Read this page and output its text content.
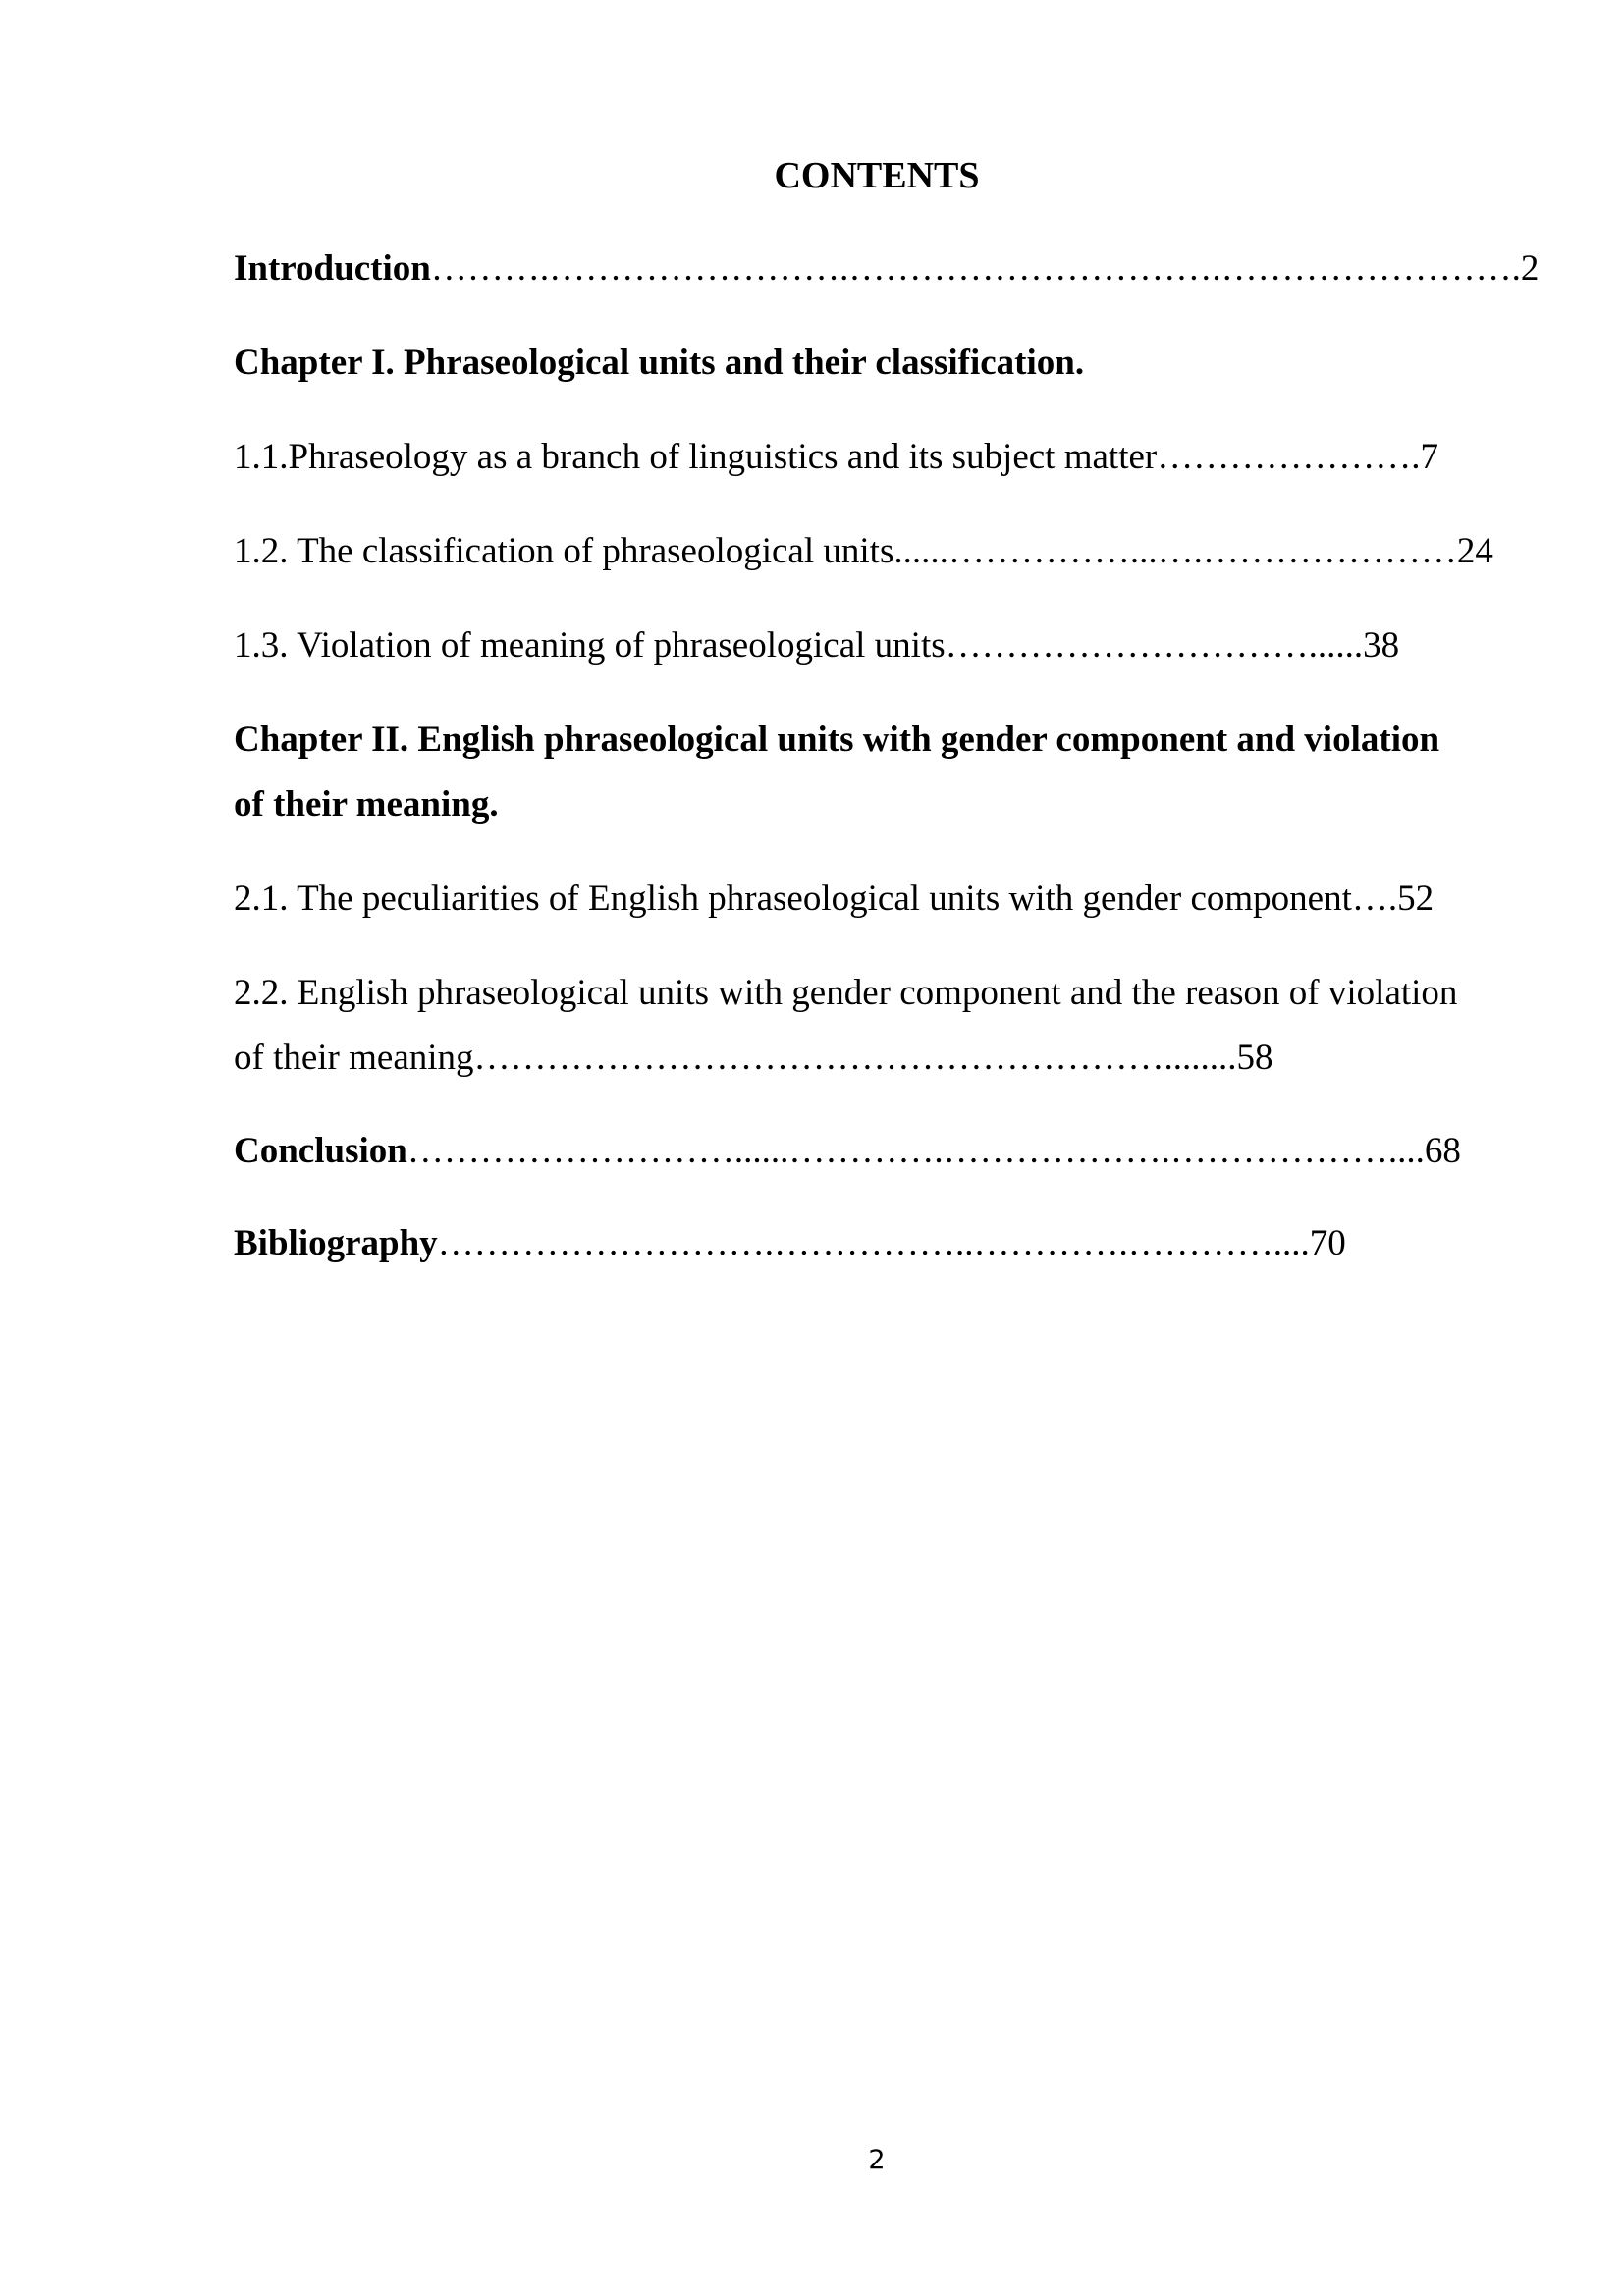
CONTENTS
Introduction……….…………………….………………………….…………………….2
Chapter I. Phraseological units and their classification.
1.1.Phraseology as a branch of linguistics and its subject matter………………….7
1.2. The classification of phraseological units......……………...….…………………24
1.3. Violation of meaning of phraseological units…………………………......38
Chapter II. English phraseological units with gender component and violation
of their meaning.
2.1. The peculiarities of English phraseological units with gender component….52
2.2. English phraseological units with gender component and the reason of violation
of their meaning…………………………………………………........58
Conclusion………………………......………….……………….………………....68
Bibliography……………………….……………..………….…………....70
2
